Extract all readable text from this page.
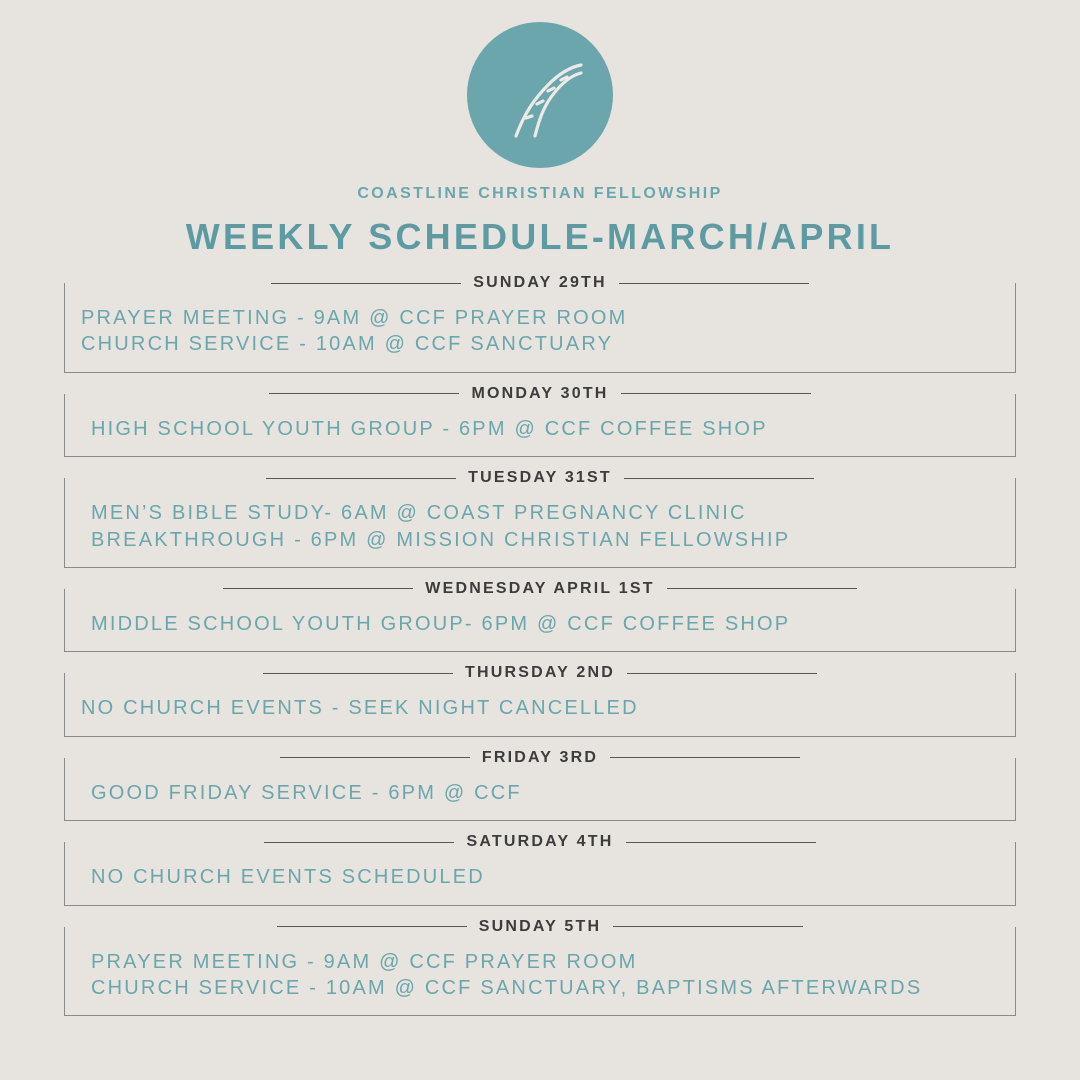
COASTLINE CHRISTIAN FELLOWSHIP
WEEKLY SCHEDULE-MARCH/APRIL
SUNDAY 29TH
PRAYER MEETING - 9AM @ CCF PRAYER ROOM
CHURCH SERVICE - 10AM @ CCF SANCTUARY
MONDAY 30TH
HIGH SCHOOL YOUTH GROUP - 6PM @ CCF COFFEE SHOP
TUESDAY 31ST
MEN’S BIBLE STUDY- 6AM @ COAST PREGNANCY CLINIC
BREAKTHROUGH - 6PM @ MISSION CHRISTIAN FELLOWSHIP
WEDNESDAY APRIL 1ST
MIDDLE SCHOOL YOUTH GROUP- 6PM @ CCF COFFEE SHOP
THURSDAY 2ND
NO CHURCH EVENTS - SEEK NIGHT CANCELLED
FRIDAY 3RD
GOOD FRIDAY SERVICE - 6PM @ CCF
SATURDAY 4TH
NO CHURCH EVENTS SCHEDULED
SUNDAY 5TH
PRAYER MEETING - 9AM @ CCF PRAYER ROOM
CHURCH SERVICE - 10AM @ CCF SANCTUARY, BAPTISMS AFTERWARDS
